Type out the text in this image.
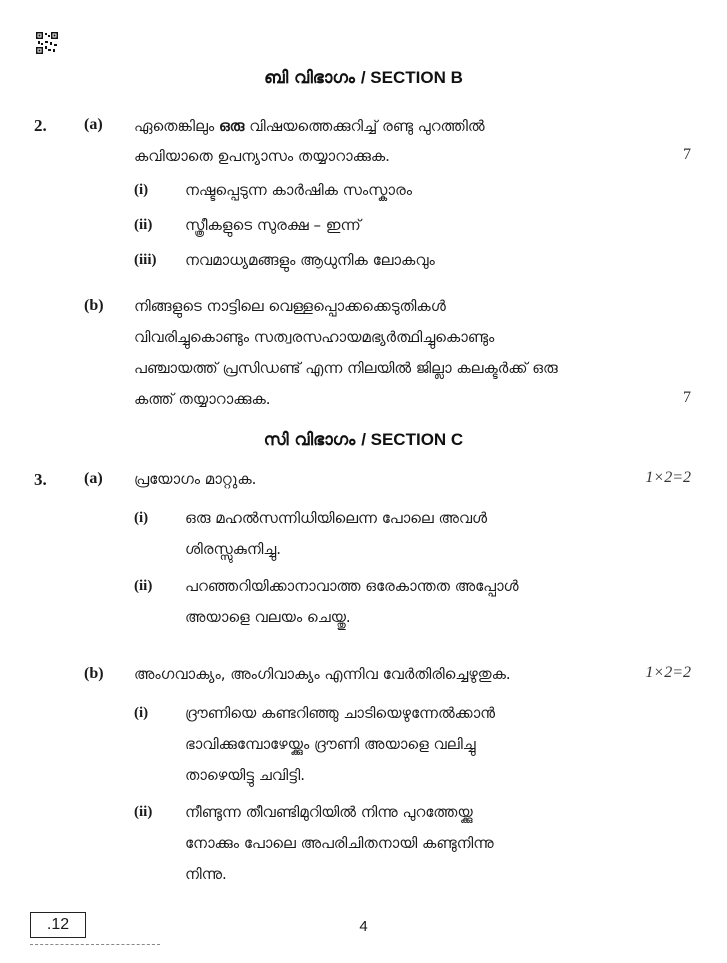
ബി വിഭാഗം / SECTION B
2. (a) ഏതെങ്കിലും ഒരു വിഷയത്തെക്കുറിച്ച് രണ്ടു പുറത്തിൽ
കവിയാതെ ഉപന്യാസം തയ്യാറാക്കുക.	7
(i) നഷ്ടപ്പെടുന്ന കാർഷിക സംസ്കാരം
(ii) സ്ത്രീകളുടെ സുരക്ഷ – ഇന്ന്
(iii) നവമാധ്യമങ്ങളും ആധുനിക ലോകവും
(b) നിങ്ങളുടെ നാട്ടിലെ വെള്ളപ്പൊക്കക്കെടുതികൾ
വിവരിച്ചുകൊണ്ടും സത്വരസഹായമഭ്യർത്ഥിച്ചുകൊണ്ടും
പഞ്ചായത്ത് പ്രസിഡണ്ട് എന്ന നിലയിൽ ജില്ലാ കലക്ടർക്ക് ഒരു
കത്ത് തയ്യാറാക്കുക.	7
സി വിഭാഗം / SECTION C
3. (a) പ്രയോഗം മാറ്റുക.	1×2=2
(i) ഒരു മഹൽസന്നിധിയിലെന്ന പോലെ അവൾ
ശിരസ്സുകുനിച്ചു.
(ii) പറഞ്ഞറിയിക്കാനാവാത്ത ഒരേകാന്തത അപ്പോൾ
അയാളെ വലയം ചെയ്തു.
(b) അംഗവാക്യം, അംഗിവാക്യം എന്നിവ വേർതിരിച്ചെഴുതുക.	1×2=2
(i) ദ്രൗണിയെ കണ്ടറിഞ്ഞു ചാടിയെഴുന്നേൽക്കാൻ
ഭാവിക്കുമ്പോഴേയ്ക്കും ദ്രൗണി അയാളെ വലിച്ചു
താഴെയിട്ടു ചവിട്ടി.
(ii) നീണ്ടുന്ന തീവണ്ടിമുറിയിൽ നിന്നു പുറത്തേയ്ക്കു
നോക്കും പോലെ അപരിചിതനായി കണ്ടുനിന്നു
നിന്നു.
.12	4
